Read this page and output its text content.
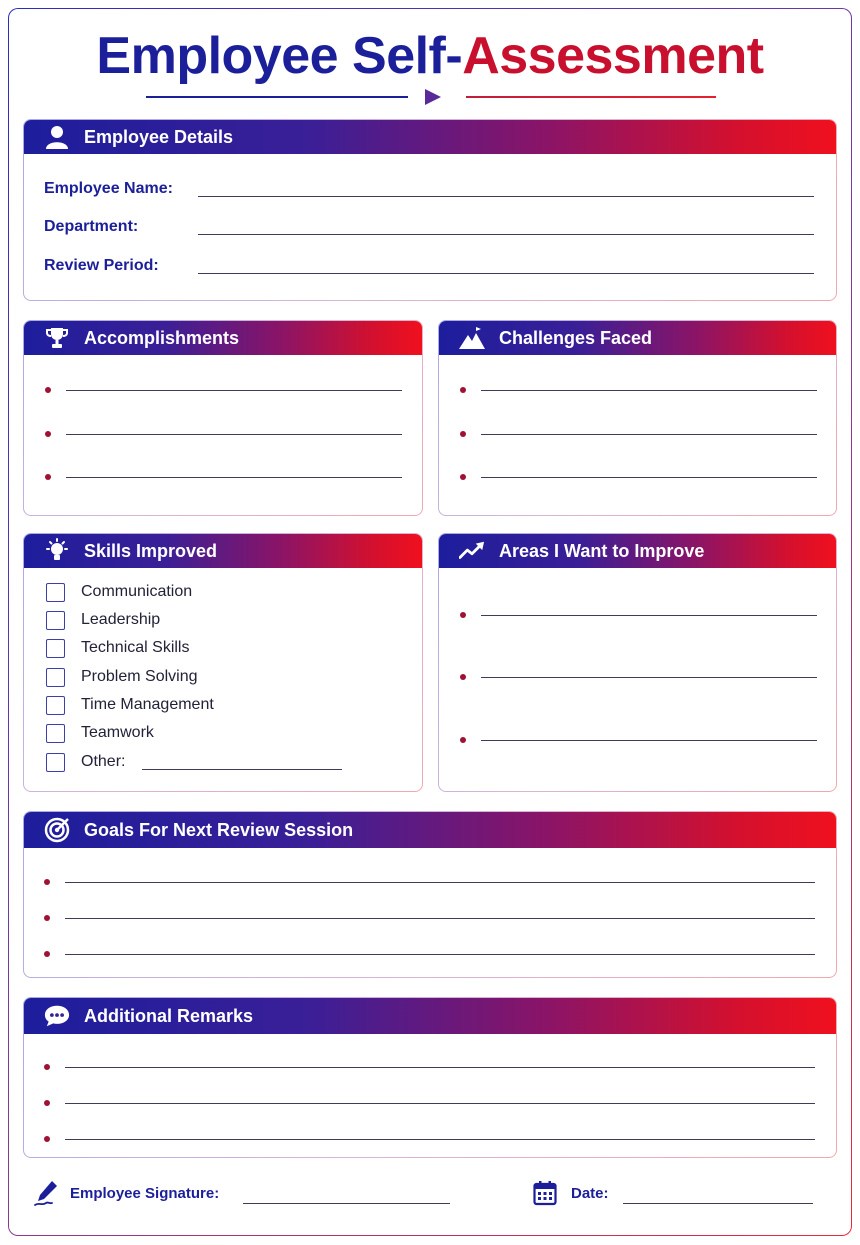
Employee Self-Assessment
Employee Details
Employee Name:
Department:
Review Period:
Accomplishments	Challenges Faced
Skills Improved
Communication
Leadership
Technical Skills
Problem Solving
Time Management
Teamwork
Other:
Areas I Want to Improve
Goals For Next Review Session
Additional Remarks
Employee Signature:	Date:
